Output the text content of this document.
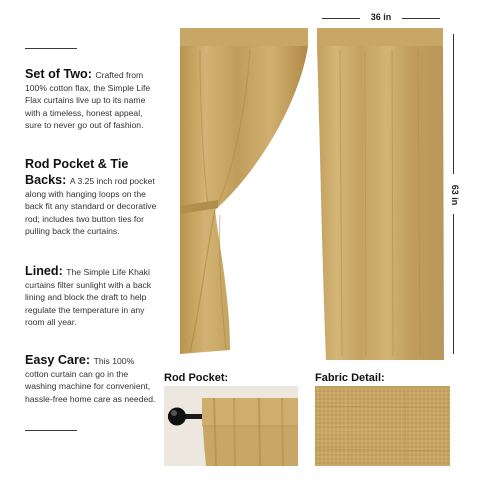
Set of Two: Crafted from 100% cotton flax, the Simple Life Flax curtains live up to its name with a timeless, honest appeal, sure to never go out of fashion.
Rod Pocket & Tie Backs: A 3.25 inch rod pocket along with hanging loops on the back fit any standard or decorative rod; includes two button ties for pulling back the curtains.
Lined: The Simple Life Khaki curtains filter sunlight with a back lining and block the draft to help regulate the temperature in any room all year.
Easy Care: This 100% cotton curtain can go in the washing machine for convenient, hassle-free home care as needed.
36 in
63 in
Rod Pocket:	Fabric Detail:
